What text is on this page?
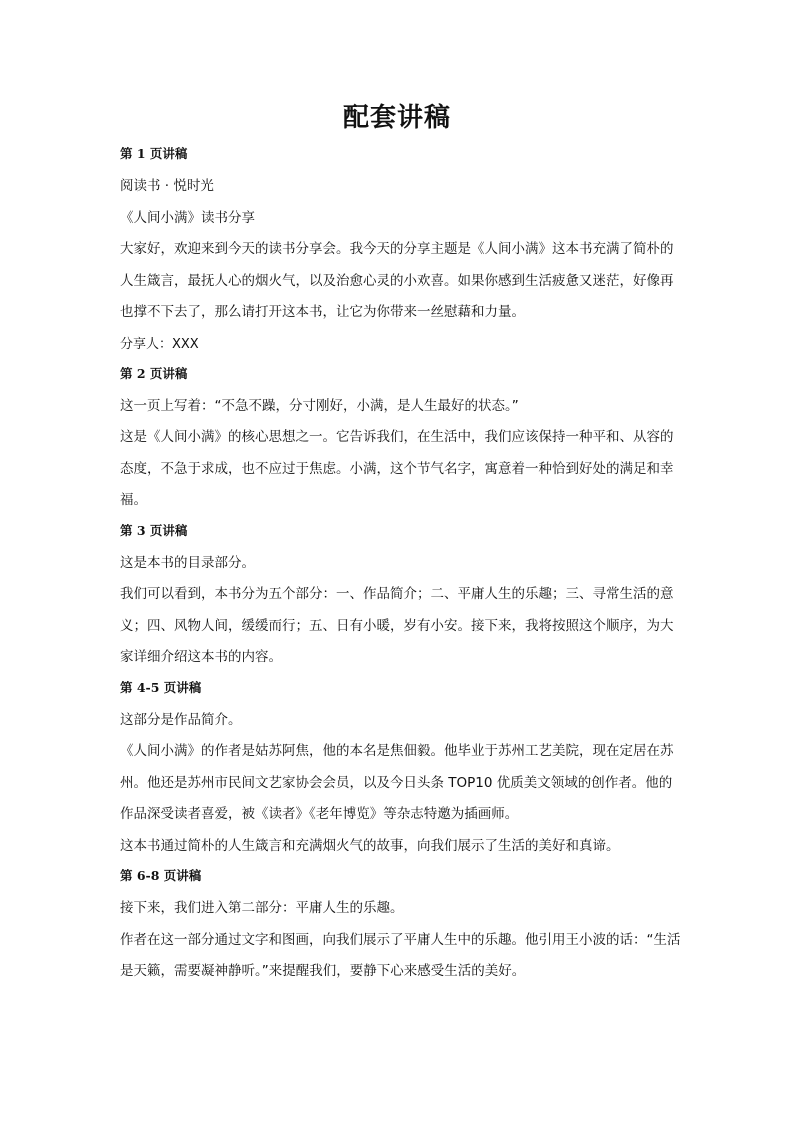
配套讲稿
第 1 页讲稿

阅读书 · 悦时光

《人间小满》读书分享

大家好，欢迎来到今天的读书分享会。我今天的分享主题是《人间小满》这本书充满了简朴的人生箴言，最抚人心的烟火气，以及治愈心灵的小欢喜。如果你感到生活疲惫又迷茫，好像再也撑不下去了，那么请打开这本书，让它为你带来一丝慰藉和力量。

分享人：XXX
第 2 页讲稿

这一页上写着：“不急不躁，分寸刚好，小满，是人生最好的状态。”

这是《人间小满》的核心思想之一。它告诉我们，在生活中，我们应该保持一种平和、从容的态度，不急于求成，也不应过于焦虑。小满，这个节气名字，寓意着一种恰到好处的满足和幸福。

第 3 页讲稿

这是本书的目录部分。

我们可以看到，本书分为五个部分：一、作品简介；二、平庸人生的乐趣；三、寻常生活的意义；四、风物人间，缓缓而行；五、日有小暖，岁有小安。接下来，我将按照这个顺序，为大家详细介绍这本书的内容。

第 4-5 页讲稿

这部分是作品简介。

《人间小满》的作者是姑苏阿焦，他的本名是焦佃毅。他毕业于苏州工艺美院，现在定居在苏州。他还是苏州市民间文艺家协会会员，以及今日头条 TOP10 优质美文领域的创作者。他的作品深受读者喜爱，被《读者》《老年博览》等杂志特邀为插画师。

这本书通过简朴的人生箴言和充满烟火气的故事，向我们展示了生活的美好和真谛。

第 6-8 页讲稿

接下来，我们进入第二部分：平庸人生的乐趣。

作者在这一部分通过文字和图画，向我们展示了平庸人生中的乐趣。他引用王小波的话：“生活是天籁，需要凝神静听。”来提醒我们，要静下心来感受生活的美好。
